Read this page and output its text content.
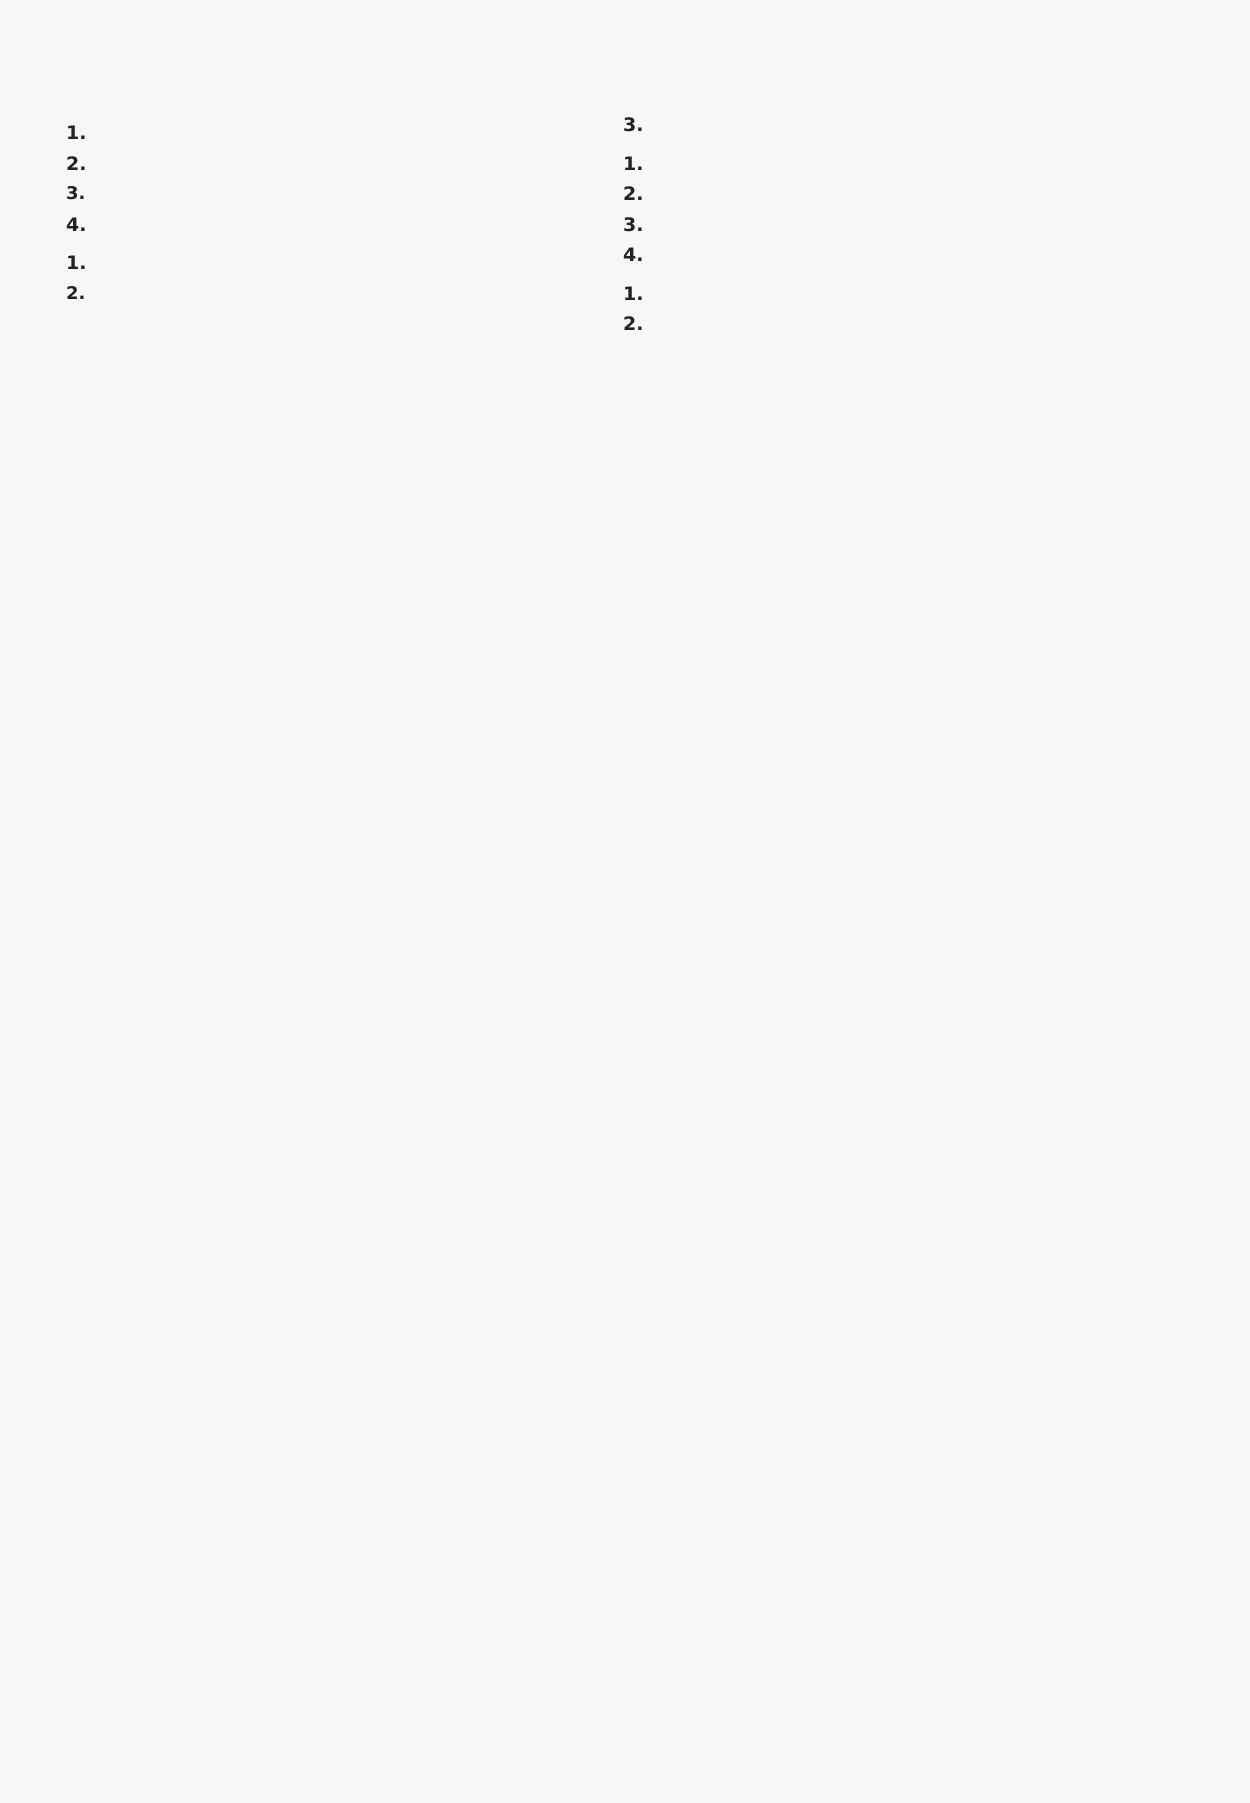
1.

2.

3.　

4.

1.

2.　

3.

1.

2.

3.

4.

1.

2.
